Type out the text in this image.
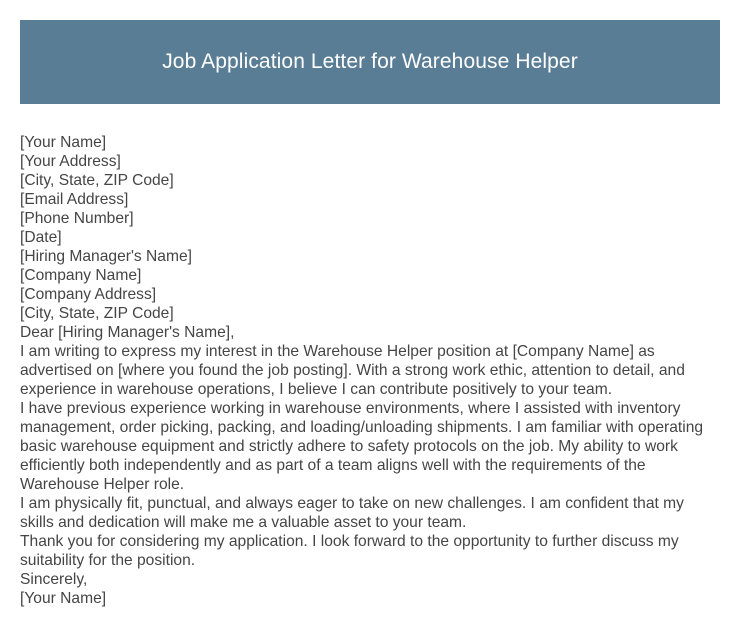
Job Application Letter for Warehouse Helper
[Your Name]
[Your Address]
[City, State, ZIP Code]
[Email Address]
[Phone Number]
[Date]
[Hiring Manager's Name]
[Company Name]
[Company Address]
[City, State, ZIP Code]
Dear [Hiring Manager's Name],
I am writing to express my interest in the Warehouse Helper position at [Company Name] as advertised on [where you found the job posting]. With a strong work ethic, attention to detail, and experience in warehouse operations, I believe I can contribute positively to your team.
I have previous experience working in warehouse environments, where I assisted with inventory management, order picking, packing, and loading/unloading shipments. I am familiar with operating basic warehouse equipment and strictly adhere to safety protocols on the job. My ability to work efficiently both independently and as part of a team aligns well with the requirements of the Warehouse Helper role.
I am physically fit, punctual, and always eager to take on new challenges. I am confident that my skills and dedication will make me a valuable asset to your team.
Thank you for considering my application. I look forward to the opportunity to further discuss my suitability for the position.
Sincerely,
[Your Name]
